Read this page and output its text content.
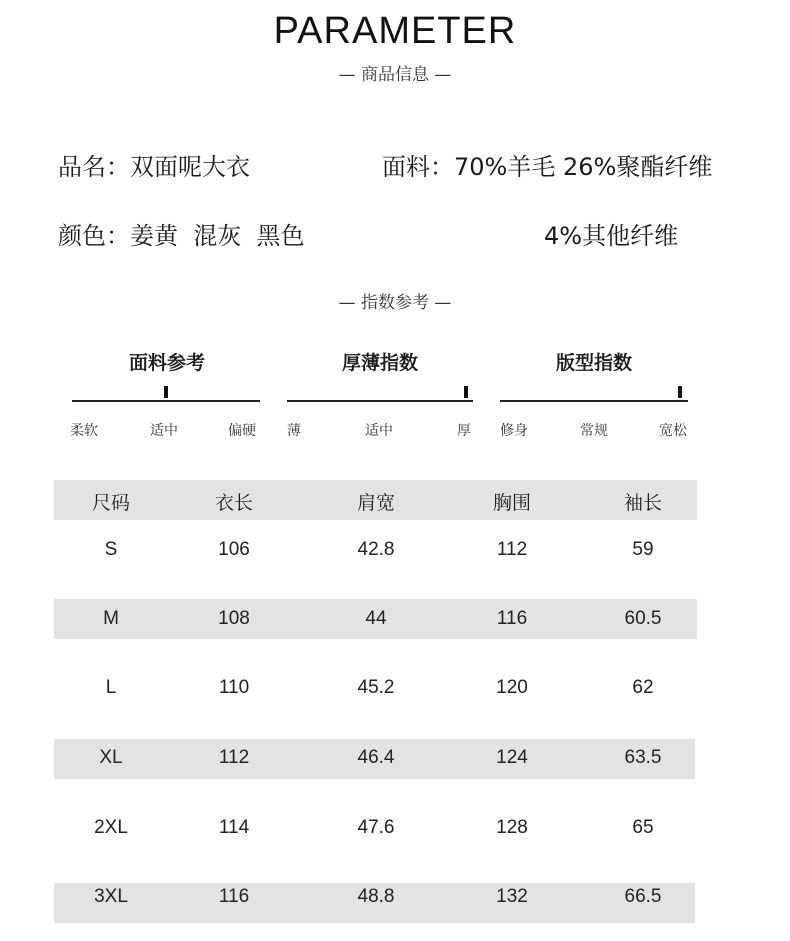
PARAMETER
— 商品信息 —
品名：双面呢大衣	面料：70%羊毛 26%聚酯纤维
颜色：姜黄  混灰  黑色	4%其他纤维
— 指数参考 —
面料参考
柔软	适中	偏硬
厚薄指数
薄	适中	厚
版型指数
修身	常规	宽松
尺码	衣长	肩宽	胸围	袖长
S	106	42.8	112	59
M	108	44	116	60.5
L	110	45.2	120	62
XL	112	46.4	124	63.5
2XL	114	47.6	128	65
3XL	116	48.8	132	66.5
